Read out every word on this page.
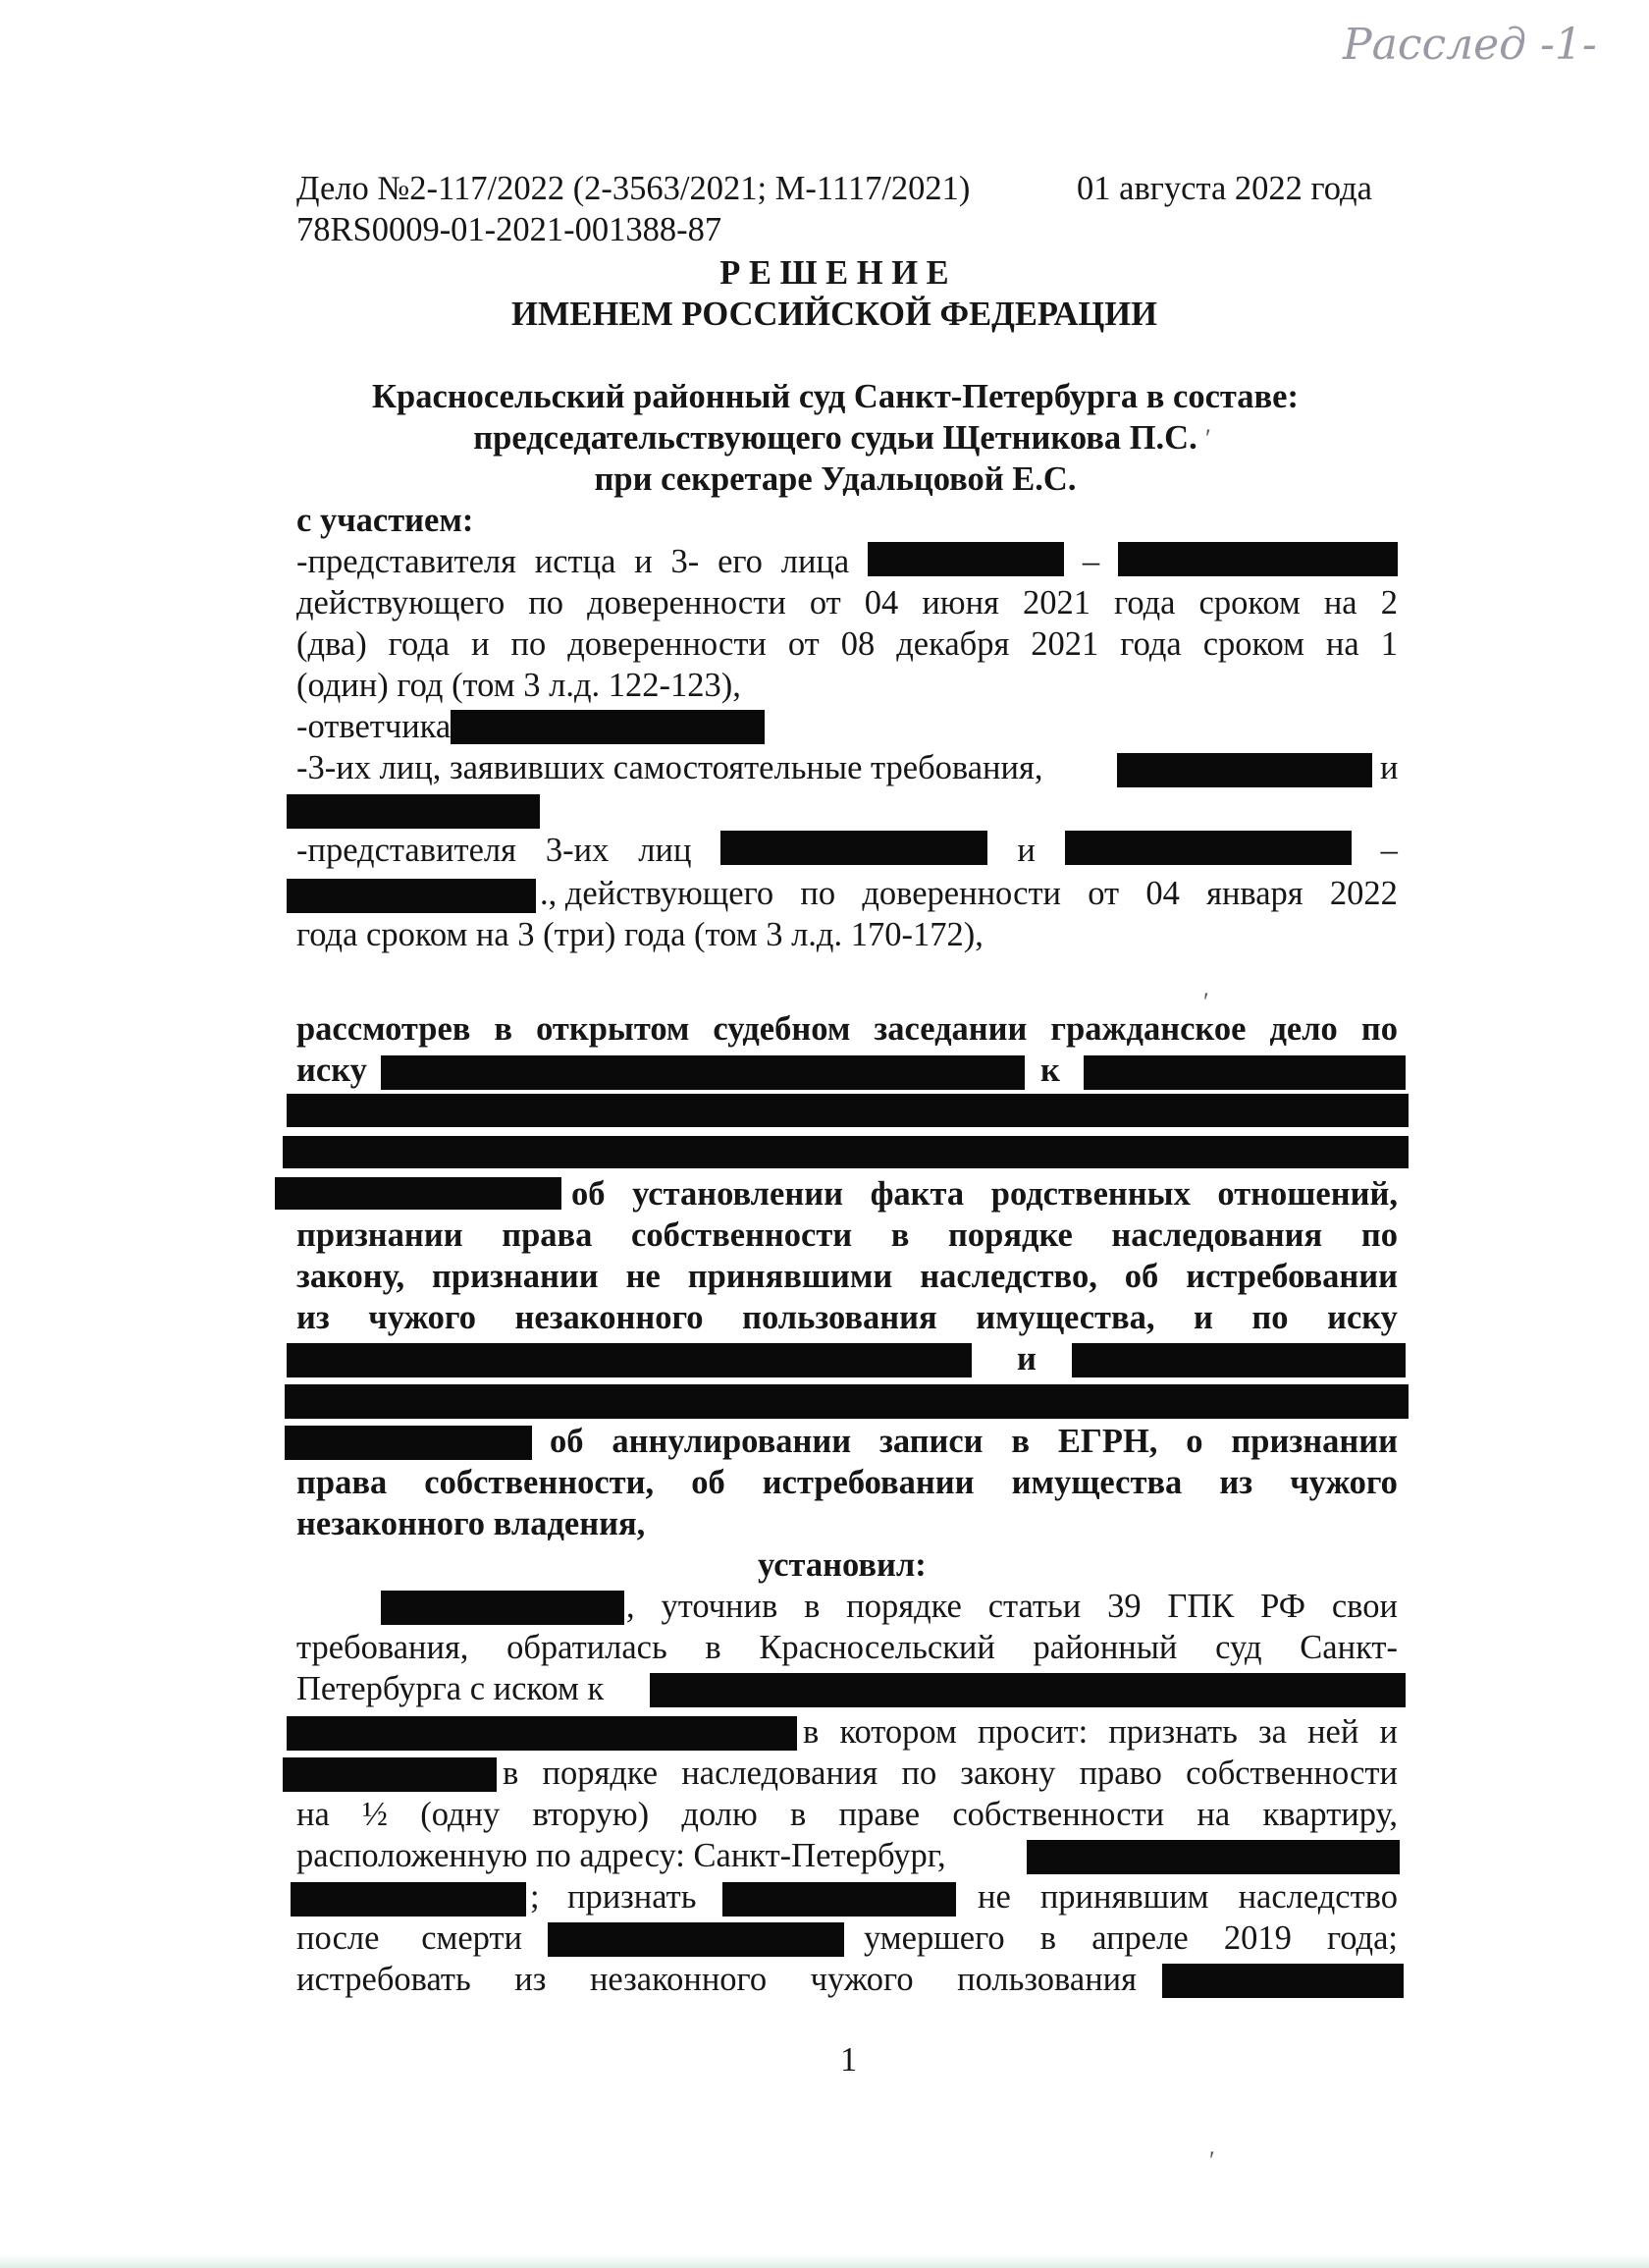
Расслед -1-
Дело №2-117/2022 (2-3563/2021; М-1117/2021)	01 августа 2022 года
78RS0009-01-2021-001388-87
Р Е Ш Е Н И Е
ИМЕНЕМ РОССИЙСКОЙ ФЕДЕРАЦИИ
Красносельский районный суд Санкт-Петербурга в составе:
председательствующего судьи Щетникова П.С.
при секретаре Удальцовой Е.С.
с участием:
-представителя истца и 3- его лица	–
действующего по доверенности от 04 июня 2021 года сроком на 2
(два) года и по доверенности от 08 декабря 2021 года сроком на 1
(один) год (том 3 л.д. 122-123),
-ответчика
-3-их лиц, заявивших самостоятельные требования,	и
-представителя 3-их лиц	и	–
., действующего по доверенности от 04 января 2022
года сроком на 3 (три) года (том 3 л.д. 170-172),
рассмотрев в открытом судебном заседании гражданское дело по
иску	к
об установлении факта родственных отношений,
признании права собственности в порядке наследования по
закону, признании не принявшими наследство, об истребовании
из чужого незаконного пользования имущества, и по иску
и
об аннулировании записи в ЕГРН, о признании
права собственности, об истребовании имущества из чужого
незаконного владения,
установил:
, уточнив в порядке статьи 39 ГПК РФ свои
требования, обратилась в Красносельский районный суд Санкт-
Петербурга с иском к
в котором просит: признать за ней и
в порядке наследования по закону право собственности
на ½ (одну вторую) долю в праве собственности на квартиру,
расположенную по адресу: Санкт-Петербург,
; признать	не принявшим наследство
после смерти	умершего в апреле 2019 года;
истребовать из незаконного чужого пользования
1
′
′
′
